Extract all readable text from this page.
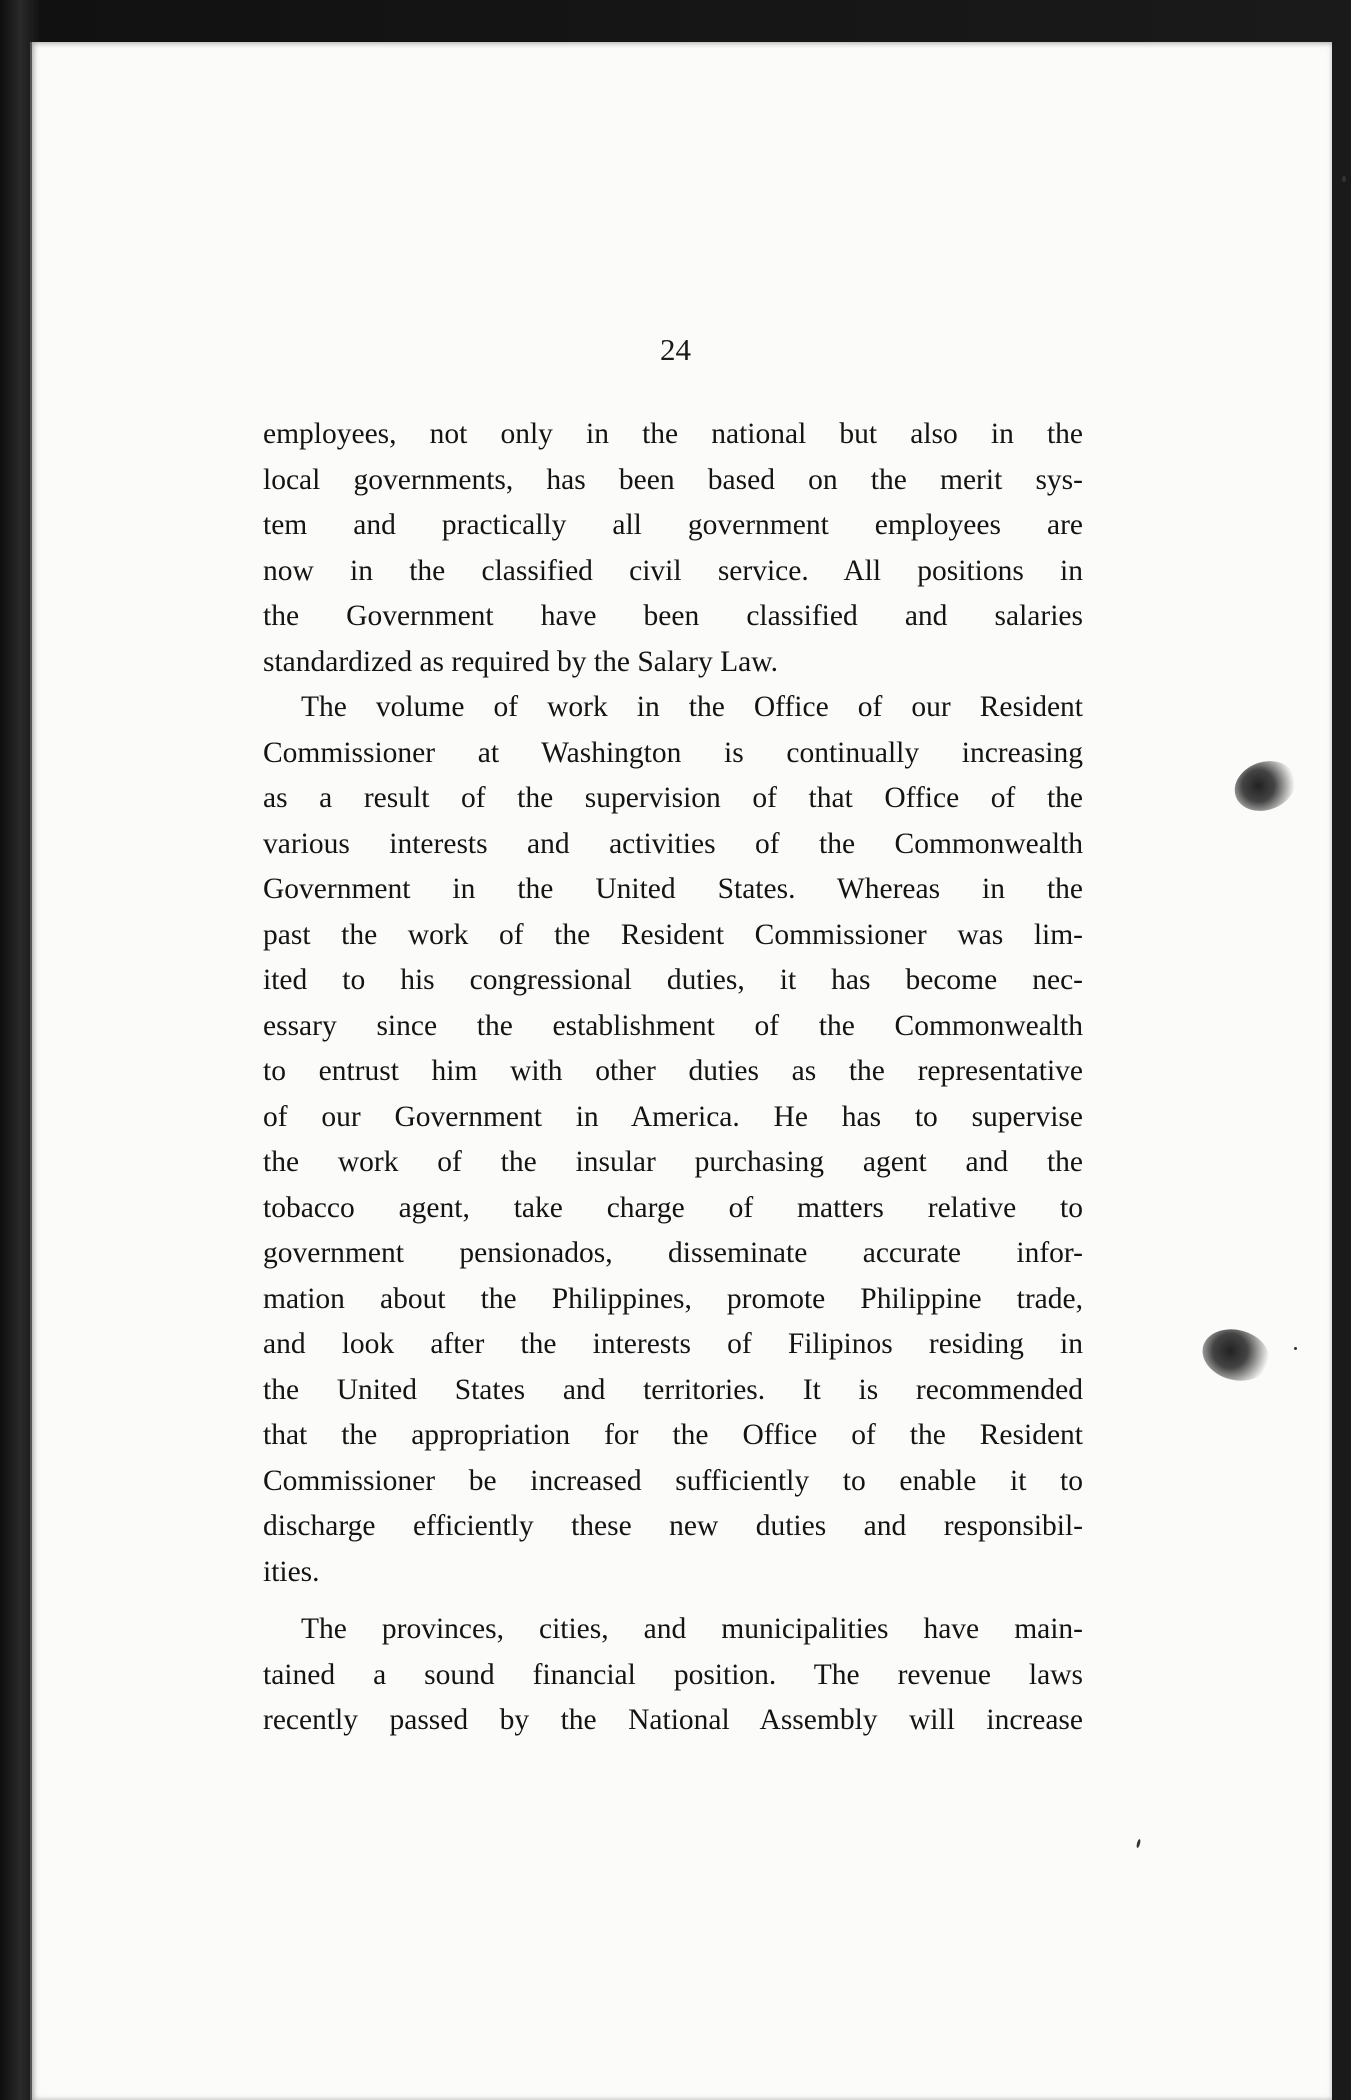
24

employees, not only in the national but also in the
local governments, has been based on the merit sys-
tem and practically all government employees are
now in the classified civil service. All positions in
the Government have been classified and salaries
standardized as required by the Salary Law.
The volume of work in the Office of our Resident
Commissioner at Washington is continually increasing
as a result of the supervision of that Office of the
various interests and activities of the Commonwealth
Government in the United States. Whereas in the
past the work of the Resident Commissioner was lim-
ited to his congressional duties, it has become nec-
essary since the establishment of the Commonwealth
to entrust him with other duties as the representative
of our Government in America. He has to supervise
the work of the insular purchasing agent and the
tobacco agent, take charge of matters relative to
government pensionados, disseminate accurate infor-
mation about the Philippines, promote Philippine trade,
and look after the interests of Filipinos residing in
the United States and territories. It is recommended
that the appropriation for the Office of the Resident
Commissioner be increased sufficiently to enable it to
discharge efficiently these new duties and responsibil-
ities.
The provinces, cities, and municipalities have main-
tained a sound financial position. The revenue laws
recently passed by the National Assembly will increase
